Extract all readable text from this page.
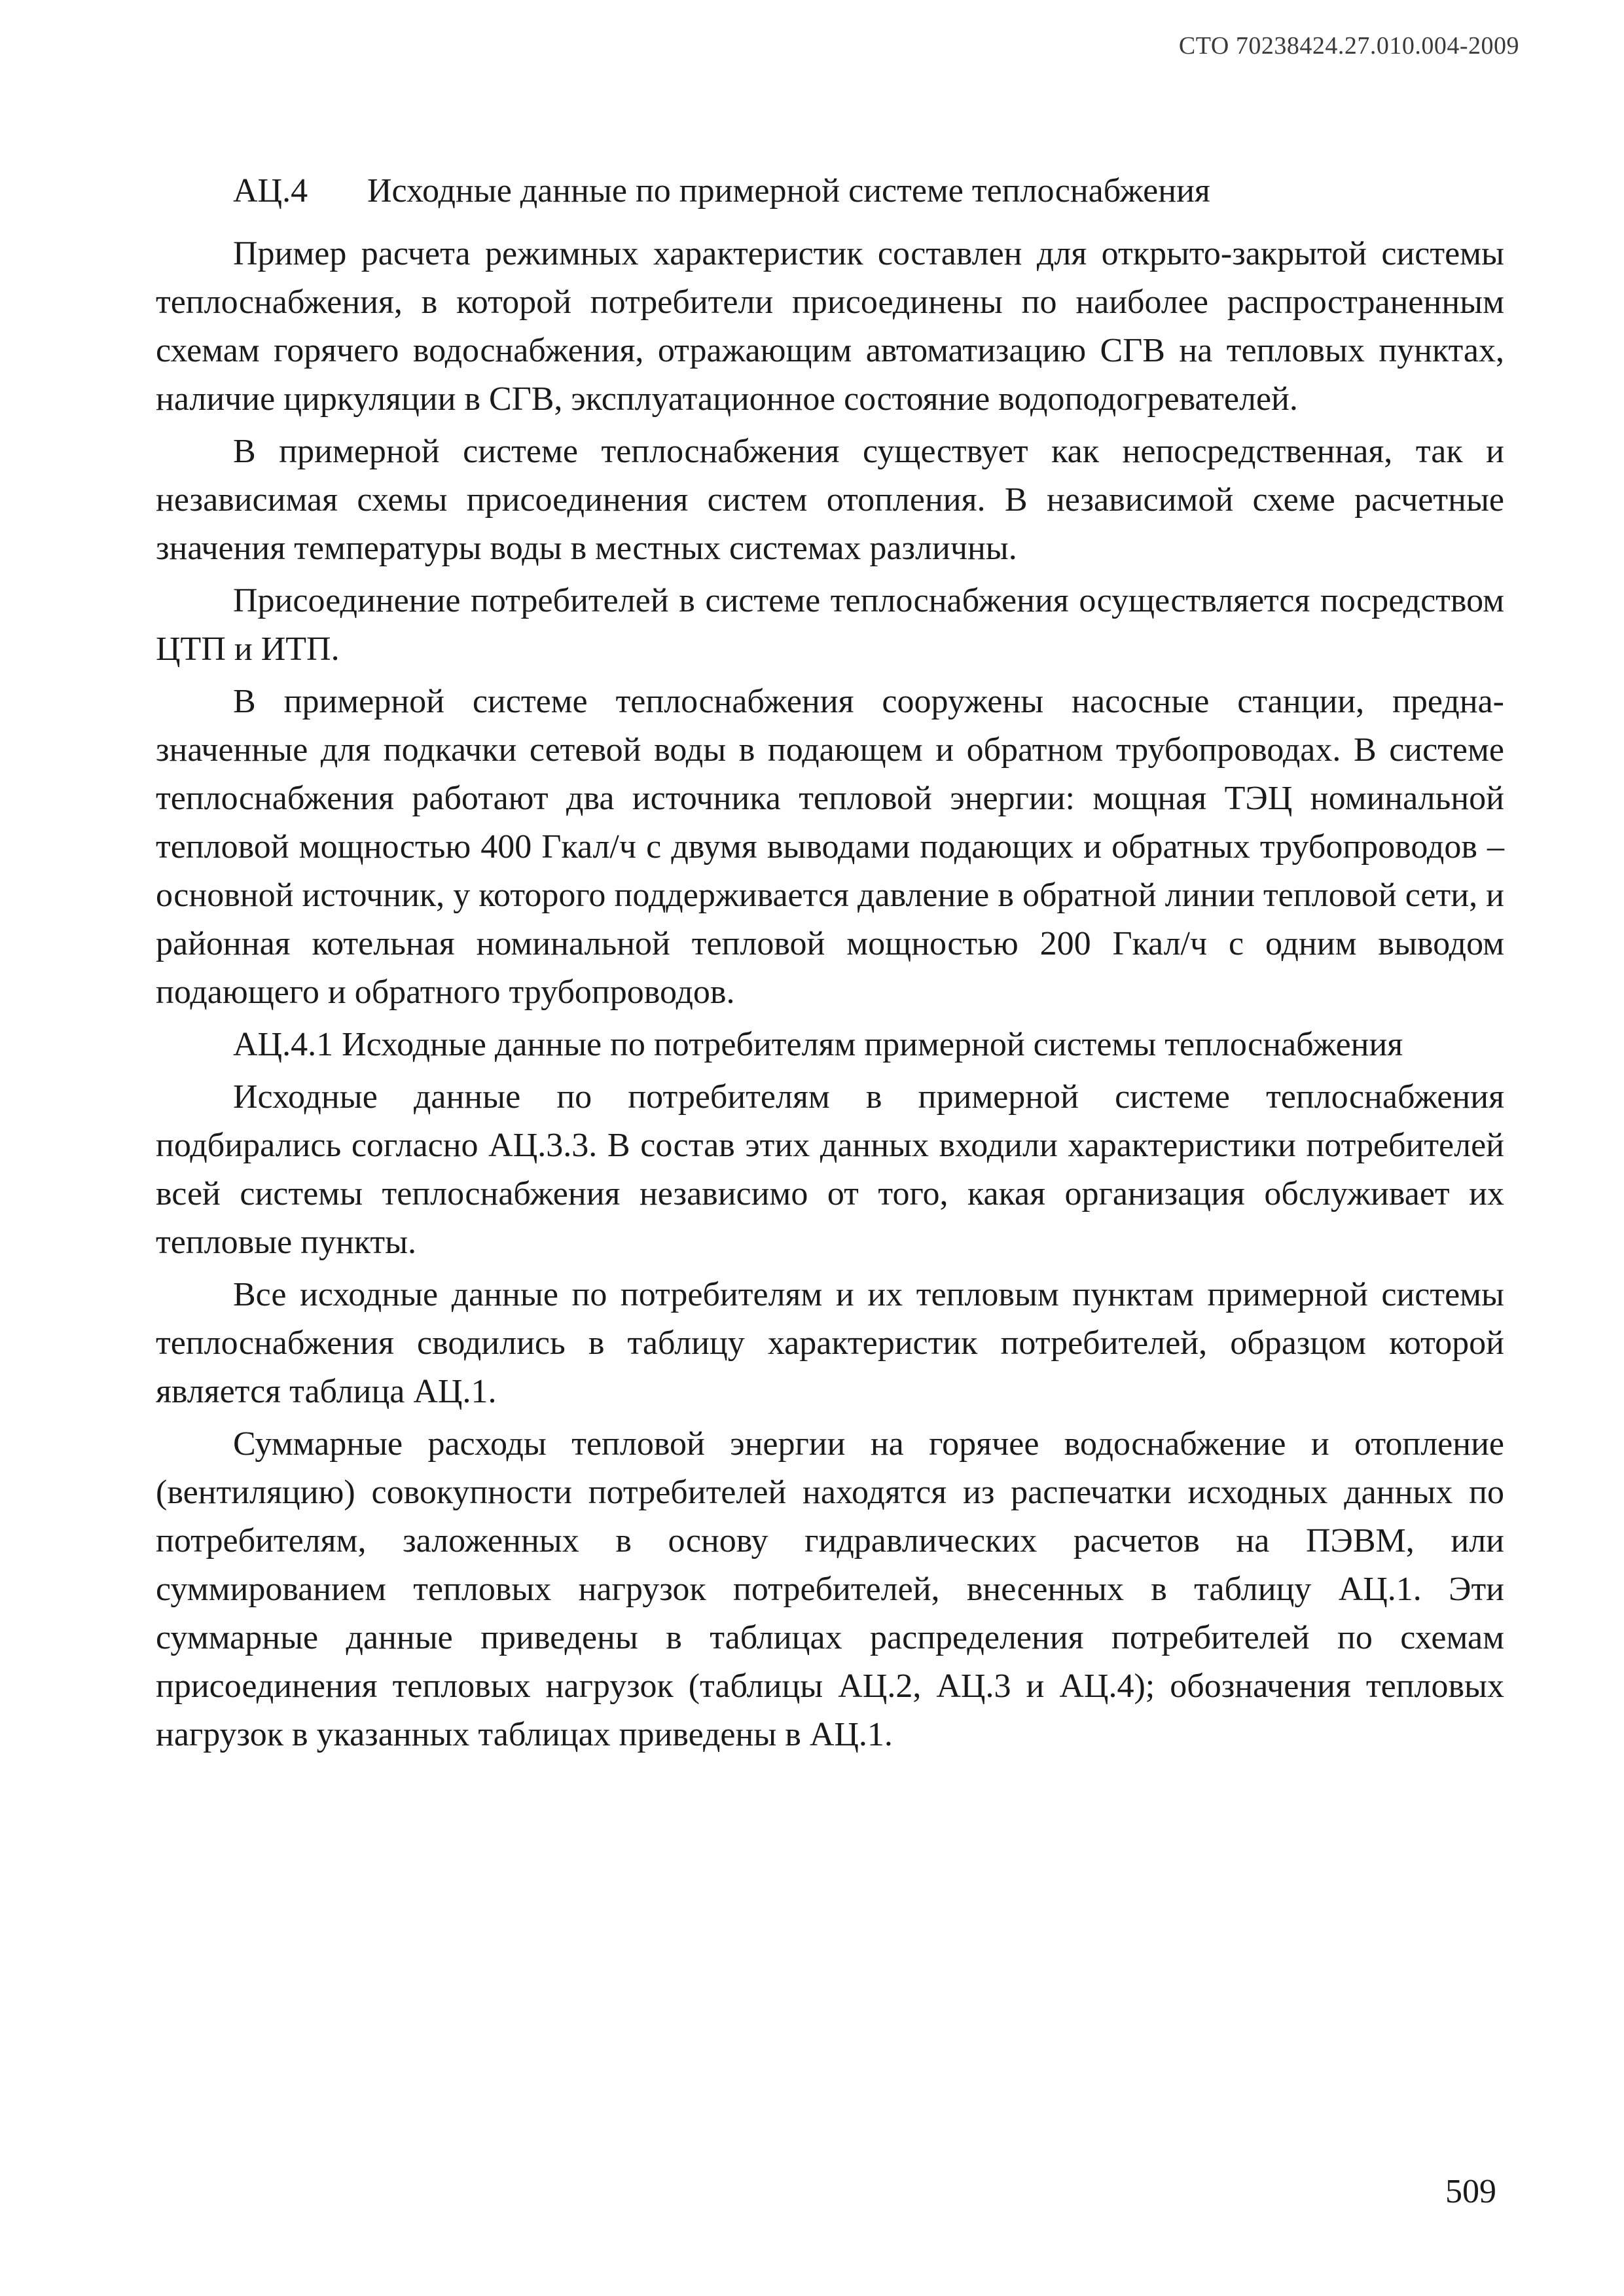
СТО 70238424.27.010.004-2009
АЦ.4 Исходные данные по примерной системе теплоснабжения

Пример расчета режимных характеристик составлен для открыто-закрытой системы теплоснабжения, в которой потребители присоединены по наиболее распространенным схемам горячего водоснабжения, отражающим автоматизацию СГВ на тепловых пунктах, наличие циркуляции в СГВ, эксплуатационное состояние водоподогревателей.

В примерной системе теплоснабжения существует как непосредственная, так и независимая схемы присоединения систем отопления. В независимой схеме расчетные значения температуры воды в местных системах различны.

Присоединение потребителей в системе теплоснабжения осуществляется посредством ЦТП и ИТП.

В примерной системе теплоснабжения сооружены насосные станции, предназначенные для подкачки сетевой воды в подающем и обратном трубопроводах. В системе теплоснабжения работают два источника тепловой энергии: мощная ТЭЦ номинальной тепловой мощностью 400 Гкал/ч с двумя выводами подающих и обратных трубопроводов – основной источник, у которого поддерживается давление в обратной линии тепловой сети, и районная котельная номинальной тепловой мощностью 200 Гкал/ч с одним выводом подающего и обратного трубопроводов.

АЦ.4.1 Исходные данные по потребителям примерной системы теплоснабжения

Исходные данные по потребителям в примерной системе теплоснабжения подбирались согласно АЦ.3.3. В состав этих данных входили характеристики потребителей всей системы теплоснабжения независимо от того, какая организация обслуживает их тепловые пункты.

Все исходные данные по потребителям и их тепловым пунктам примерной системы теплоснабжения сводились в таблицу характеристик потребителей, образцом которой является таблица АЦ.1.

Суммарные расходы тепловой энергии на горячее водоснабжение и отопление (вентиляцию) совокупности потребителей находятся из распечатки исходных данных по потребителям, заложенных в основу гидравлических расчетов на ПЭВМ, или суммированием тепловых нагрузок потребителей, внесенных в таблицу АЦ.1. Эти суммарные данные приведены в таблицах распределения потребителей по схемам присоединения тепловых нагрузок (таблицы АЦ.2, АЦ.3 и АЦ.4); обозначения тепловых нагрузок в указанных таблицах приведены в АЦ.1.

509
